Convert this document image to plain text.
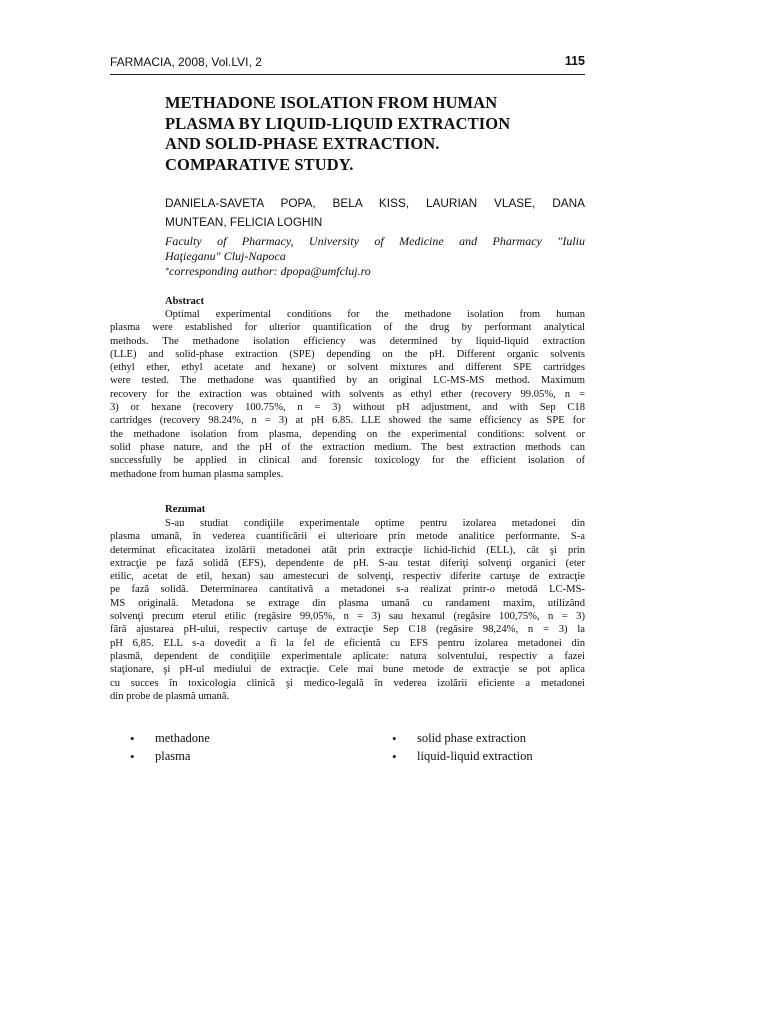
FARMACIA, 2008, Vol.LVI, 2	115
METHADONE ISOLATION FROM HUMAN
PLASMA BY LIQUID-LIQUID EXTRACTION
AND SOLID-PHASE EXTRACTION.
COMPARATIVE STUDY.

DANIELA-SAVETA POPA, BELA KISS, LAURIAN VLASE, DANA
MUNTEAN, FELICIA LOGHIN

Faculty of Pharmacy, University of Medicine and Pharmacy "Iuliu
Haţieganu" Cluj-Napoca
*corresponding author: dpopa@umfcluj.ro

Abstract

Optimal experimental conditions for the methadone isolation from human
plasma were established for ulterior quantification of the drug by performant analytical
methods. The methadone isolation efficiency was determined by liquid-liquid extraction
(LLE) and solid-phase extraction (SPE) depending on the pH. Different organic solvents
(ethyl ether, ethyl acetate and hexane) or solvent mixtures and different SPE cartridges
were tested. The methadone was quantified by an original LC-MS-MS method. Maximum
recovery for the extraction was obtained with solvents as ethyl ether (recovery 99.05%, n =
3) or hexane (recovery 100.75%, n = 3) without pH adjustment, and with Sep C18
cartridges (recovery 98.24%, n = 3) at pH 6.85. LLE showed the same efficiency as SPE for
the methadone isolation from plasma, depending on the experimental conditions: solvent or
solid phase nature, and the pH of the extraction medium. The best extraction methods can
successfully be applied in clinical and forensic toxicology for the efficient isolation of
methadone from human plasma samples.

Rezumat

S-au studiat condiţiile experimentale optime pentru izolarea metadonei din
plasma umană, în vederea cuantificării ei ulterioare prin metode analitice performante. S-a
determinat eficacitatea izolării metadonei atât prin extracţie lichid-lichid (ELL), cât şi prin
extracţie pe fază solidă (EFS), dependente de pH. S-au testat diferiţi solvenţi organici (eter
etilic, acetat de etil, hexan) sau amestecuri de solvenţi, respectiv diferite cartuşe de extracţie
pe fază solidă. Determinarea cantitativă a metadonei s-a realizat printr-o metodă LC-MS-
MS originală. Metadona se extrage din plasma umană cu randament maxim, utilizând
solvenţi precum eterul etilic (regăsire 99,05%, n = 3) sau hexanul (regăsire 100,75%, n = 3)
fără ajustarea pH-ului, respectiv cartuşe de extracţie Sep C18 (regăsire 98,24%, n = 3) la
pH 6,85. ELL s-a dovedit a fi la fel de eficientă cu EFS pentru izolarea metadonei din
plasmă, dependent de condiţiile experimentale aplicate: natura solventului, respectiv a fazei
staţionare, şi pH-ul mediului de extracţie. Cele mai bune metode de extracţie se pot aplica
cu succes în toxicologia clinică şi medico-legală în vederea izolării eficiente a metadonei
din probe de plasmă umană.
• methadone
• plasma
• solid phase extraction
• liquid-liquid extraction
